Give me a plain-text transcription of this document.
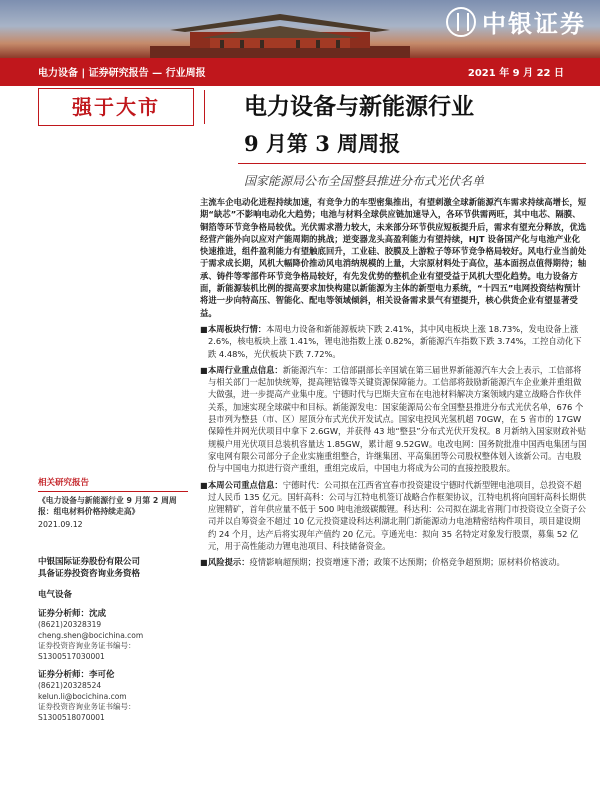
中银证券
电力设备 | 证券研究报告 — 行业周报	2021 年 9 月 22 日
强于大市	电力设备与新能源行业
9 月第 3 周周报
国家能源局公布全国整县推进分布式光伏名单

主流车企电动化进程持续加速，有竞争力的车型密集推出，有望刺激全球新能源汽车需求持续高增长，短期“缺芯”不影响电动化大趋势；电池与材料全球供应链加速导入，各环节供需两旺，其中电芯、隔膜、铜箔等环节竞争格局较优。光伏需求潜力较大，未来部分环节供应短板提升后，需求有望充分释放，优选经营产能外向以应对产能周期的挑战；逆变器龙头高盈利能力有望持续，HJT 设备国产化与电池产业化快速推进，组件盈利能力有望触底回升，工业硅、胶膜及上游粒子等环节竞争格局较好。风电行业当前处于需求成长期，风机大幅降价推动风电消纳规模的上量，大宗原材料处于高位，基本面拐点值得期待；轴承、铸件等零部件环节竞争格局较好，有先发优势的整机企业有望受益于风机大型化趋势。电力设备方面，新能源装机比例的提高要求加快构建以新能源为主体的新型电力系统，“十四五”电网投资结构预计将进一步向特高压、智能化、配电等领域倾斜，相关设备需求景气有望提升，核心供货企业有望显著受益。

■ 本周板块行情：本周电力设备和新能源板块下跌 2.41%，其中风电板块上涨 18.73%，发电设备上涨 2.6%，核电板块上涨 1.41%，锂电池指数上涨 0.82%，新能源汽车指数下跌 3.74%，工控自动化下跌 4.48%，光伏板块下跌 7.72%。
■ 本周行业重点信息：新能源汽车：工信部副部长辛国斌在第三届世界新能源汽车大会上表示，工信部将与相关部门一起加快统筹，提高锂钴镍等关键资源保障能力。工信部将鼓励新能源汽车企业兼并重组做大做强，进一步提高产业集中度。宁德时代与巴斯夫宣布在电池材料解决方案领域内建立战略合作伙伴关系，加速实现全球碳中和目标。新能源发电：国家能源局公布全国整县推进分布式光伏名单，676 个县市列为整县（市、区）屋顶分布式光伏开发试点。国家电投风光氢机超 70GW，在 5 省市的 17GW 保障性并网光伏项目中拿下 2.6GW，并获得 43 地“整县”分布式光伏开发权。8 月新纳入国家财政补贴规模户用光伏项目总装机容量达 1.85GW，累计超 9.52GW。电改电网：国务院批准中国西电集团与国家电网有限公司部分子企业实施重组整合，许继集团、平高集团等公司股权整体划入该新公司。吉电股份与中国电力拟进行资产重组，重组完成后，中国电力将成为公司的直接控股股东。
■ 本周公司重点信息：宁德时代：公司拟在江西省宜春市投资建设宁德时代新型锂电池项目，总投资不超过人民币 135 亿元。国轩高科：公司与江特电机签订战略合作框架协议，江特电机将向国轩高科长期供应锂精矿，首年供应量不低于 500 吨电池级碳酸锂。科达利：公司拟在湖北省荆门市投资设立全资子公司并以自筹资金不超过 10 亿元投资建设科达利湖北荆门新能源动力电池精密结构件项目，项目建设期约 24 个月，达产后将实现年产值约 20 亿元。亨通光电：拟向 35 名特定对象发行股票，募集 52 亿元，用于高性能动力锂电池项目、科技储备资金。
■ 风险提示：疫情影响超预期；投资增速下滑；政策不达预期；价格竞争超预期；原材料价格波动。
相关研究报告
《电力设备与新能源行业 9 月第 2 周周报：组电材料价格持续走高》
2021.09.12
中银国际证券股份有限公司
具备证券投资咨询业务资格
电气设备
证券分析师：沈成
(8621)20328319
cheng.shen@bocichina.com
证券投资咨询业务证书编号：S1300517030001
证券分析师：李可伦
(8621)20328524
kelun.li@bocichina.com
证券投资咨询业务证书编号：S1300518070001
